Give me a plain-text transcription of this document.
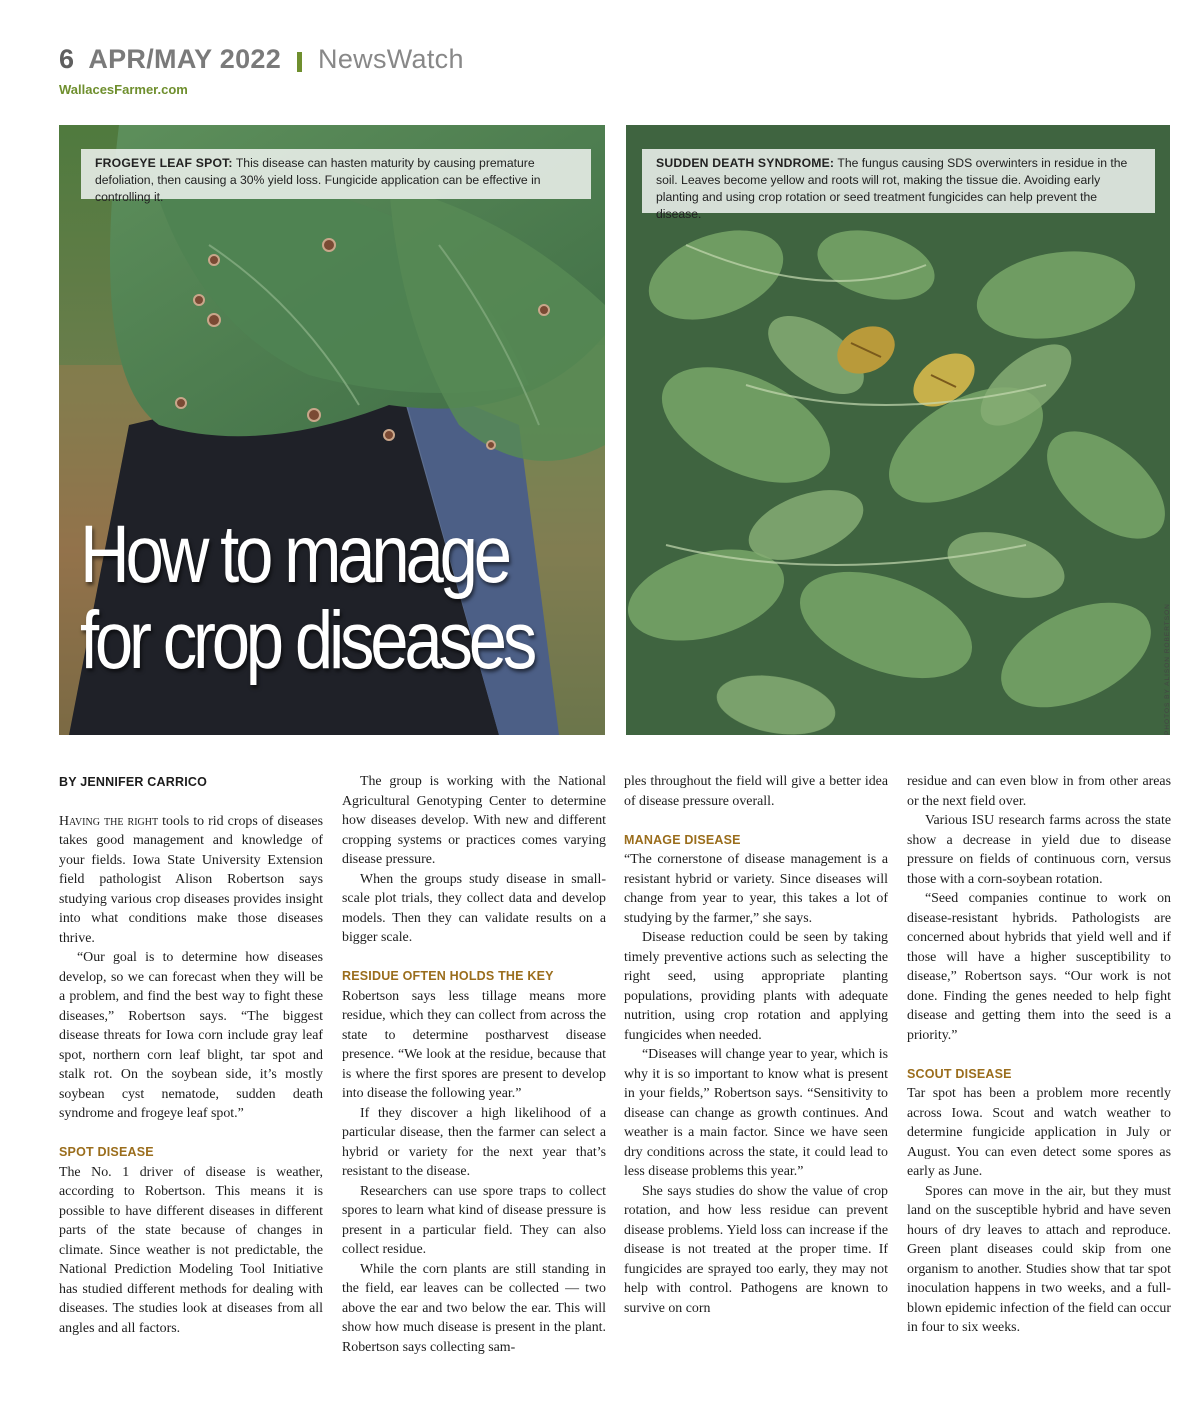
6 APR/MAY 2022 NewsWatch
WallacesFarmer.com
FROGEYE LEAF SPOT: This disease can hasten maturity by causing premature defoliation, then causing a 30% yield loss. Fungicide application can be effective in controlling it.
How to manage
for crop diseases
SUDDEN DEATH SYNDROME: The fungus causing SDS overwinters in residue in the soil. Leaves become yellow and roots will rot, making the tissue die. Avoiding early planting and using crop rotation or seed treatment fungicides can help prevent the disease.
PHOTOS BY ALISON ROBERTSON
BY JENNIFER CARRICO

Having the right tools to rid crops of diseases takes good management and knowledge of your fields. Iowa State University Extension field pathologist Alison Robertson says studying various crop diseases provides insight into what conditions make those diseases thrive.

“Our goal is to determine how diseases develop, so we can forecast when they will be a problem, and find the best way to fight these diseases,” Robertson says. “The biggest disease threats for Iowa corn include gray leaf spot, northern corn leaf blight, tar spot and stalk rot. On the soybean side, it’s mostly soybean cyst nematode, sudden death syndrome and frogeye leaf spot.”

SPOT DISEASE

The No. 1 driver of disease is weather, according to Robertson. This means it is possible to have different diseases in different parts of the state because of changes in climate. Since weather is not predictable, the National Prediction Modeling Tool Initiative has studied different methods for dealing with diseases. The studies look at diseases from all angles and all factors.

The group is working with the National Agricultural Genotyping Center to determine how diseases develop. With new and different cropping systems or practices comes varying disease pressure.

When the groups study disease in small-scale plot trials, they collect data and develop models. Then they can validate results on a bigger scale.

RESIDUE OFTEN HOLDS THE KEY

Robertson says less tillage means more residue, which they can collect from across the state to determine postharvest disease presence. “We look at the residue, because that is where the first spores are present to develop into disease the following year.”

If they discover a high likelihood of a particular disease, then the farmer can select a hybrid or variety for the next year that’s resistant to the disease.

Researchers can use spore traps to collect spores to learn what kind of disease pressure is present in a particular field. They can also collect residue.

While the corn plants are still standing in the field, ear leaves can be collected — two above the ear and two below the ear. This will show how much disease is present in the plant. Robertson says collecting sam-

ples throughout the field will give a better idea of disease pressure overall.

MANAGE DISEASE

“The cornerstone of disease management is a resistant hybrid or variety. Since diseases will change from year to year, this takes a lot of studying by the farmer,” she says.

Disease reduction could be seen by taking timely preventive actions such as selecting the right seed, using appropriate planting populations, providing plants with adequate nutrition, using crop rotation and applying fungicides when needed.

“Diseases will change year to year, which is why it is so important to know what is present in your fields,” Robertson says. “Sensitivity to disease can change as growth continues. And weather is a main factor. Since we have seen dry conditions across the state, it could lead to less disease problems this year.”

She says studies do show the value of crop rotation, and how less residue can prevent disease problems. Yield loss can increase if the disease is not treated at the proper time. If fungicides are sprayed too early, they may not help with control. Pathogens are known to survive on corn

residue and can even blow in from other areas or the next field over.

Various ISU research farms across the state show a decrease in yield due to disease pressure on fields of continuous corn, versus those with a corn-soybean rotation.

“Seed companies continue to work on disease-resistant hybrids. Pathologists are concerned about hybrids that yield well and if those will have a higher susceptibility to disease,” Robertson says. “Our work is not done. Finding the genes needed to help fight disease and getting them into the seed is a priority.”

SCOUT DISEASE

Tar spot has been a problem more recently across Iowa. Scout and watch weather to determine fungicide application in July or August. You can even detect some spores as early as June.

Spores can move in the air, but they must land on the susceptible hybrid and have seven hours of dry leaves to attach and reproduce. Green plant diseases could skip from one organism to another. Studies show that tar spot inoculation happens in two weeks, and a full-blown epidemic infection of the field can occur in four to six weeks.
